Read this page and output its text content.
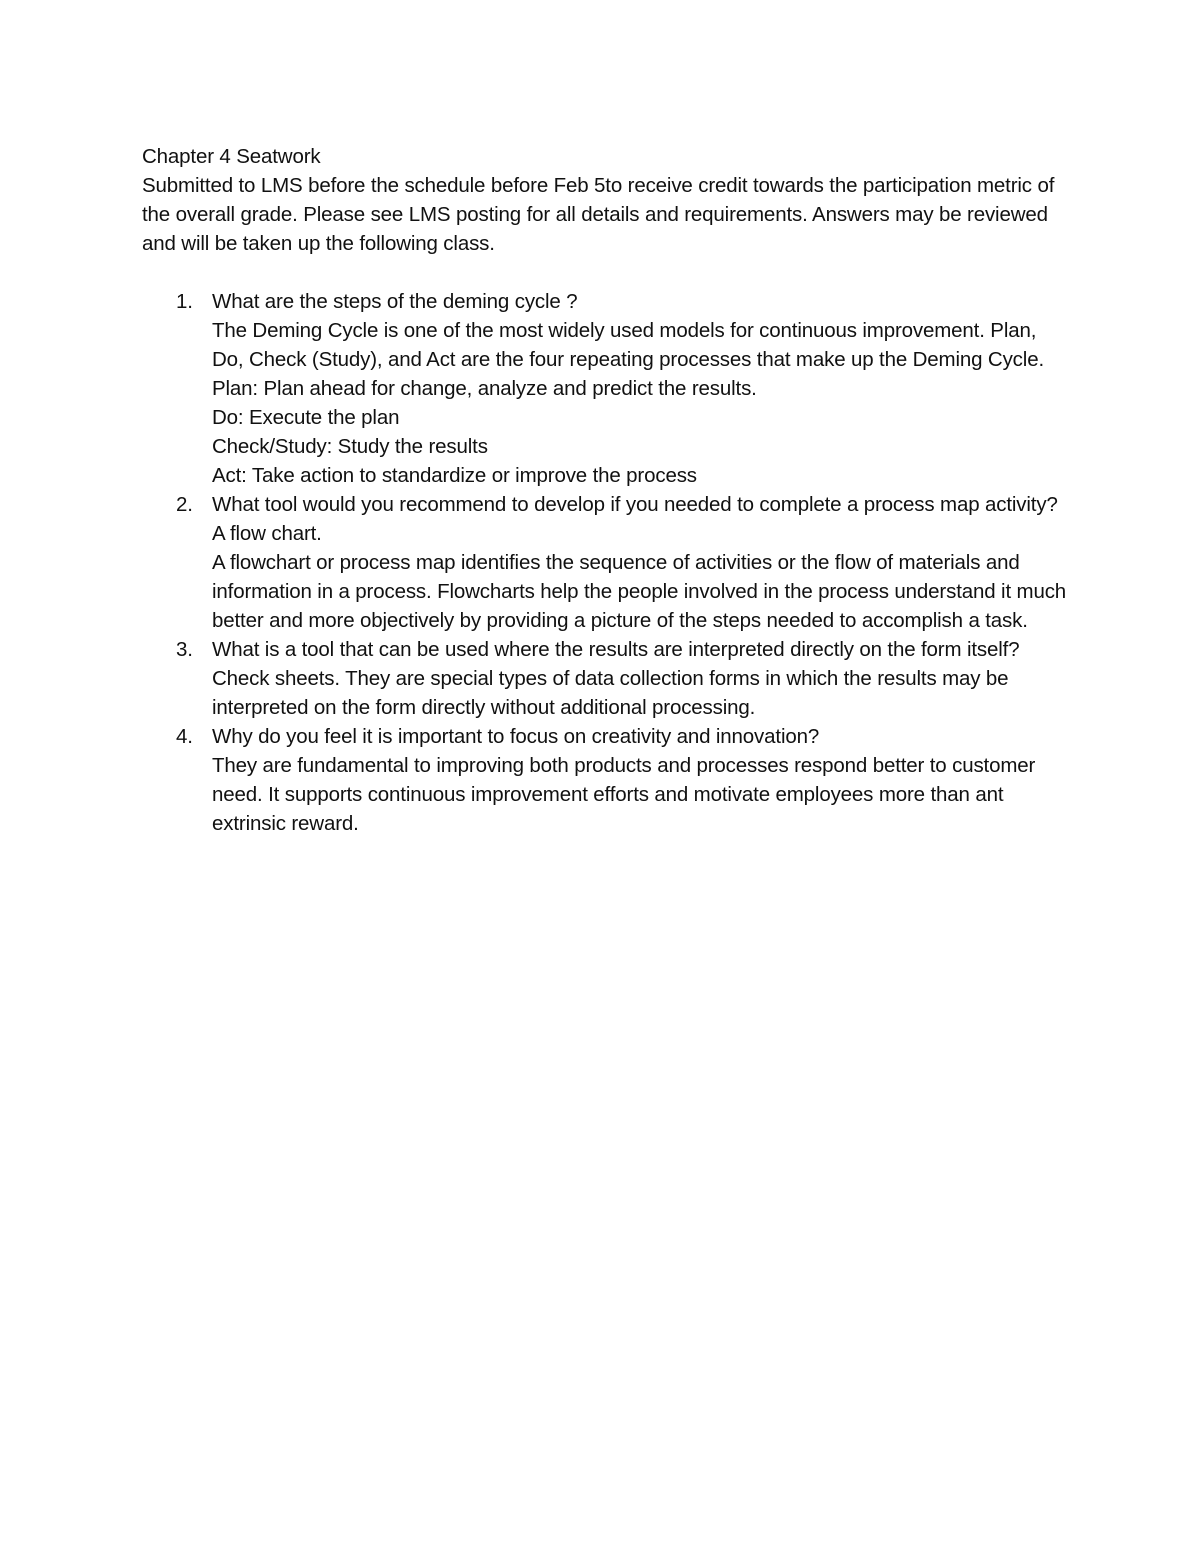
Chapter 4 Seatwork

Submitted to LMS before the schedule before Feb 5to receive credit towards the participation metric of the overall grade. Please see LMS posting for all details and requirements. Answers may be reviewed and will be taken up the following class.

1. What are the steps of the deming cycle ?
The Deming Cycle is one of the most widely used models for continuous improvement. Plan, Do, Check (Study), and Act are the four repeating processes that make up the Deming Cycle.
Plan: Plan ahead for change, analyze and predict the results.
Do: Execute the plan
Check/Study: Study the results
Act: Take action to standardize or improve the process
2. What tool would you recommend to develop if you needed to complete a process map activity?
A flow chart.
A flowchart or process map identifies the sequence of activities or the flow of materials and information in a process. Flowcharts help the people involved in the process understand it much better and more objectively by providing a picture of the steps needed to accomplish a task.
3. What is a tool that can be used where the results are interpreted directly on the form itself?
Check sheets. They are special types of data collection forms in which the results may be interpreted on the form directly without additional processing.
4. Why do you feel it is important to focus on creativity and innovation?
They are fundamental to improving both products and processes respond better to customer need. It supports continuous improvement efforts and motivate employees more than ant extrinsic reward.
